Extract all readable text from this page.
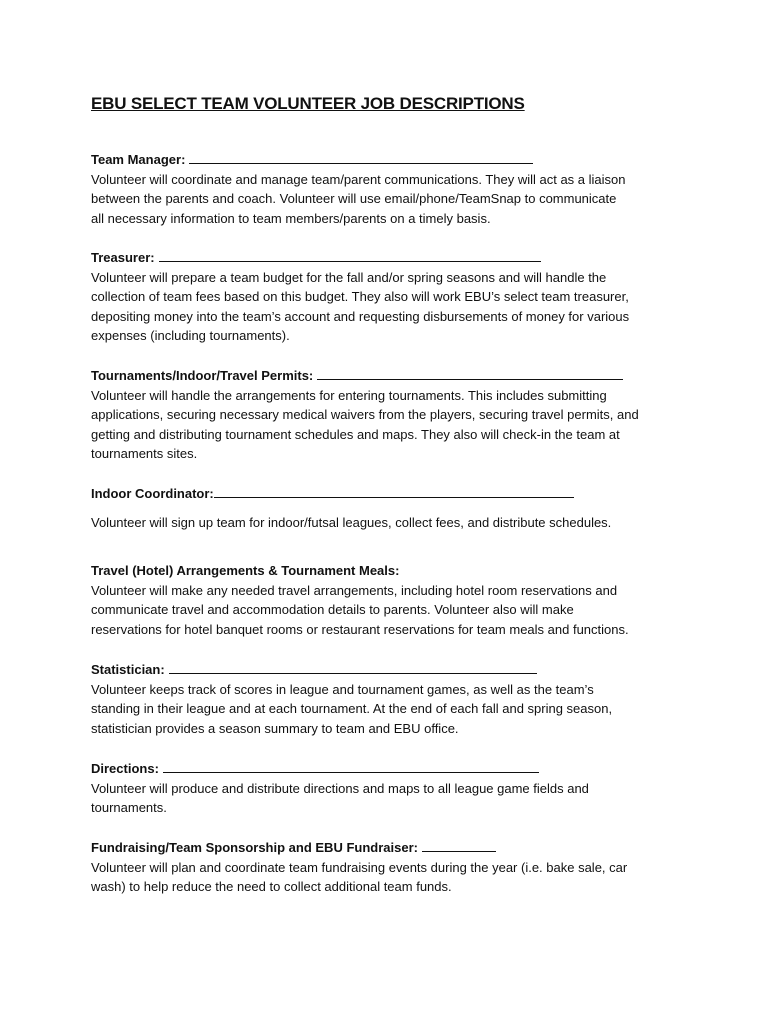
EBU SELECT TEAM VOLUNTEER JOB DESCRIPTIONS
Team Manager:
Volunteer will coordinate and manage team/parent communications. They will act as a liaison
between the parents and coach. Volunteer will use email/phone/TeamSnap to communicate
all necessary information to team members/parents on a timely basis.
Treasurer:
Volunteer will prepare a team budget for the fall and/or spring seasons and will handle the
collection of team fees based on this budget. They also will work EBU’s select team treasurer,
depositing money into the team’s account and requesting disbursements of money for various
expenses (including tournaments).
Tournaments/Indoor/Travel Permits:
Volunteer will handle the arrangements for entering tournaments. This includes submitting
applications, securing necessary medical waivers from the players, securing travel permits, and
getting and distributing tournament schedules and maps. They also will check-in the team at
tournaments sites.
Indoor Coordinator:
Volunteer will sign up team for indoor/futsal leagues, collect fees, and distribute schedules.
Travel (Hotel) Arrangements & Tournament Meals:
Volunteer will make any needed travel arrangements, including hotel room reservations and
communicate travel and accommodation details to parents. Volunteer also will make
reservations for hotel banquet rooms or restaurant reservations for team meals and functions.
Statistician:
Volunteer keeps track of scores in league and tournament games, as well as the team’s
standing in their league and at each tournament. At the end of each fall and spring season,
statistician provides a season summary to team and EBU office.
Directions:
Volunteer will produce and distribute directions and maps to all league game fields and
tournaments.
Fundraising/Team Sponsorship and EBU Fundraiser:
Volunteer will plan and coordinate team fundraising events during the year (i.e. bake sale, car
wash) to help reduce the need to collect additional team funds.
